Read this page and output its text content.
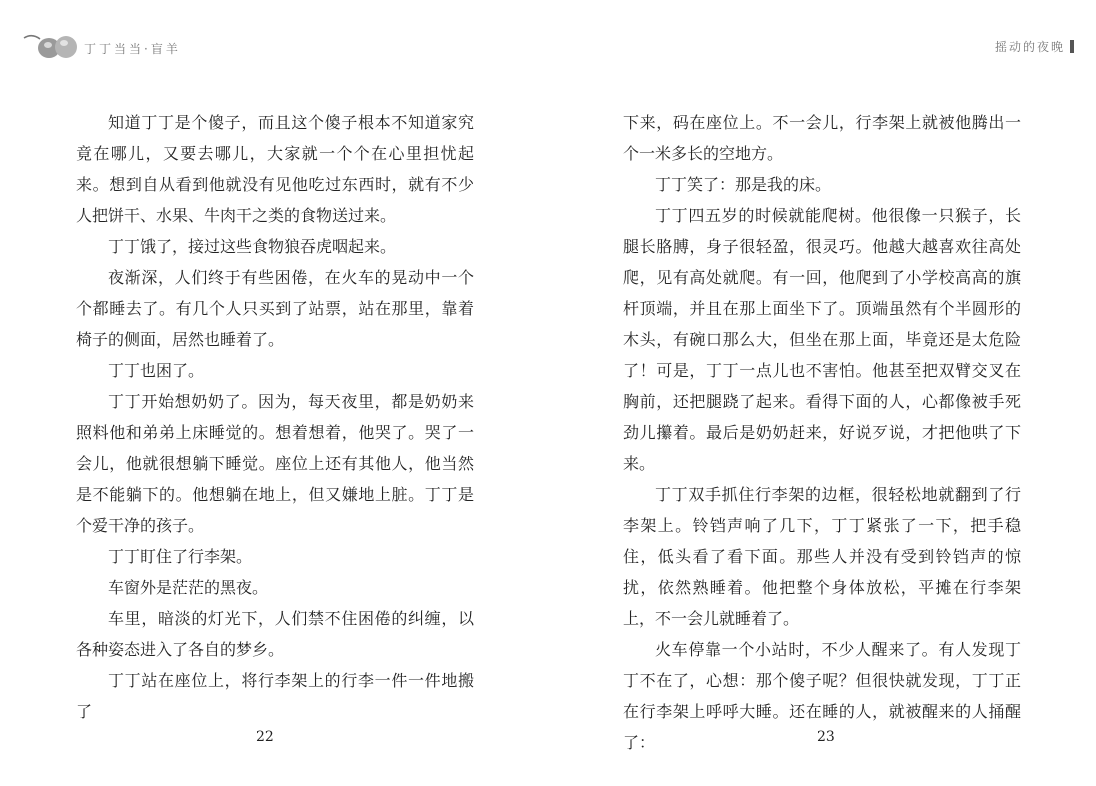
丁丁当当·盲羊	摇动的夜晚

知道丁丁是个傻子，而且这个傻子根本不知道家究竟在哪儿，又要去哪儿，大家就一个个在心里担忧起来。想到自从看到他就没有见他吃过东西时，就有不少人把饼干、水果、牛肉干之类的食物送过来。

丁丁饿了，接过这些食物狼吞虎咽起来。

夜渐深，人们终于有些困倦，在火车的晃动中一个个都睡去了。有几个人只买到了站票，站在那里，靠着椅子的侧面，居然也睡着了。

丁丁也困了。

丁丁开始想奶奶了。因为，每天夜里，都是奶奶来照料他和弟弟上床睡觉的。想着想着，他哭了。哭了一会儿，他就很想躺下睡觉。座位上还有其他人，他当然是不能躺下的。他想躺在地上，但又嫌地上脏。丁丁是个爱干净的孩子。

丁丁盯住了行李架。

车窗外是茫茫的黑夜。

车里，暗淡的灯光下，人们禁不住困倦的纠缠，以各种姿态进入了各自的梦乡。

丁丁站在座位上，将行李架上的行李一件一件地搬了

下来，码在座位上。不一会儿，行李架上就被他腾出一个一米多长的空地方。

丁丁笑了：那是我的床。

丁丁四五岁的时候就能爬树。他很像一只猴子，长腿长胳膊，身子很轻盈，很灵巧。他越大越喜欢往高处爬，见有高处就爬。有一回，他爬到了小学校高高的旗杆顶端，并且在那上面坐下了。顶端虽然有个半圆形的木头，有碗口那么大，但坐在那上面，毕竟还是太危险了！可是，丁丁一点儿也不害怕。他甚至把双臂交叉在胸前，还把腿跷了起来。看得下面的人，心都像被手死劲儿攥着。最后是奶奶赶来，好说歹说，才把他哄了下来。

丁丁双手抓住行李架的边框，很轻松地就翻到了行李架上。铃铛声响了几下，丁丁紧张了一下，把手稳住，低头看了看下面。那些人并没有受到铃铛声的惊扰，依然熟睡着。他把整个身体放松，平摊在行李架上，不一会儿就睡着了。

火车停靠一个小站时，不少人醒来了。有人发现丁丁不在了，心想：那个傻子呢？但很快就发现，丁丁正在行李架上呼呼大睡。还在睡的人，就被醒来的人捅醒了：

22	23
